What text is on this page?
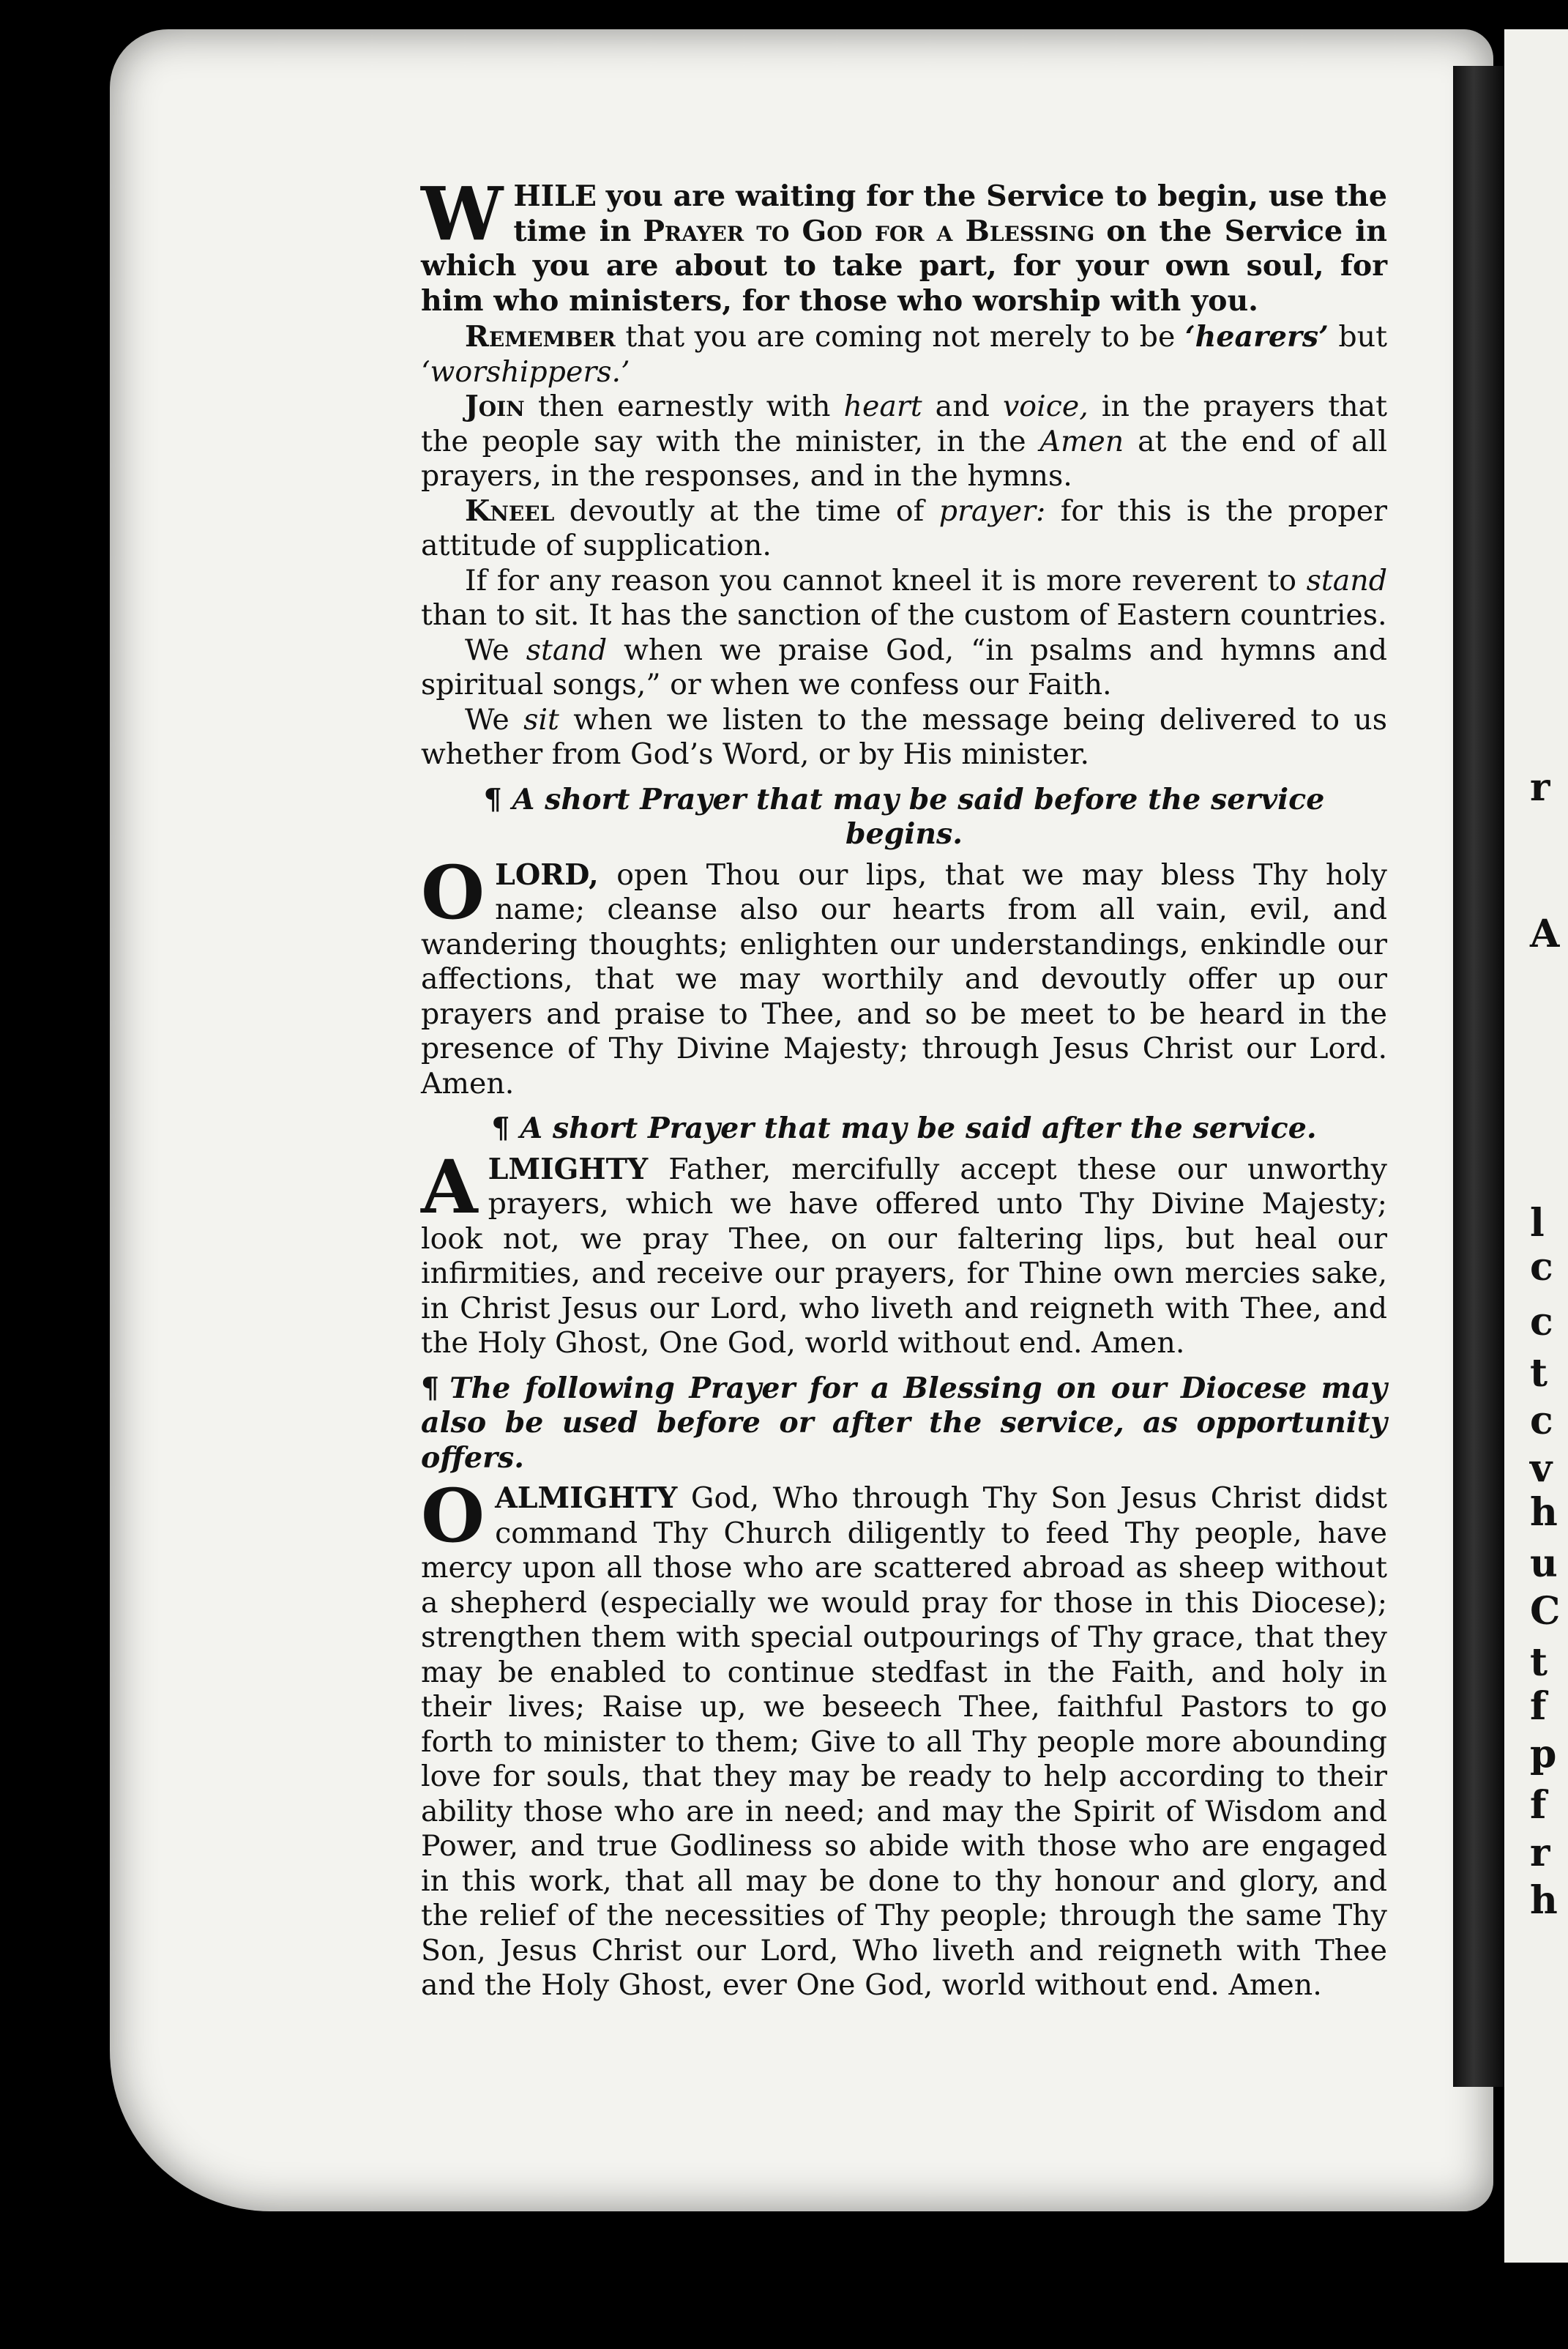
r
A
l
c
c
t
c
v
h
u
C
t
f
p
f
r
h

WHILE you are waiting for the Service to begin, use the time in Prayer to God for a Blessing on the Service in which you are about to take part, for your own soul, for him who ministers, for those who worship with you.

Remember that you are coming not merely to be ‘hearers’ but ‘worshippers.’

Join then earnestly with heart and voice, in the prayers that the people say with the minister, in the Amen at the end of all prayers, in the responses, and in the hymns.

Kneel devoutly at the time of prayer: for this is the proper attitude of supplication.

If for any reason you cannot kneel it is more reverent to stand than to sit. It has the sanction of the custom of Eastern countries.

We stand when we praise God, “in psalms and hymns and spiritual songs,” or when we confess our Faith.

We sit when we listen to the message being delivered to us whether from God’s Word, or by His minister.

¶ A short Prayer that may be said before the service begins.

OLORD, open Thou our lips, that we may bless Thy holy name; cleanse also our hearts from all vain, evil, and wandering thoughts; enlighten our understandings, enkindle our affections, that we may worthily and devoutly offer up our prayers and praise to Thee, and so be meet to be heard in the presence of Thy Divine Majesty; through Jesus Christ our Lord. Amen.

¶ A short Prayer that may be said after the service.

ALMIGHTY Father, mercifully accept these our unworthy prayers, which we have offered unto Thy Divine Majesty; look not, we pray Thee, on our faltering lips, but heal our infirmities, and receive our prayers, for Thine own mercies sake, in Christ Jesus our Lord, who liveth and reigneth with Thee, and the Holy Ghost, One God, world without end. Amen.

¶ The following Prayer for a Blessing on our Diocese may also be used before or after the service, as opportunity offers.

OALMIGHTY God, Who through Thy Son Jesus Christ didst command Thy Church diligently to feed Thy people, have mercy upon all those who are scattered abroad as sheep without a shepherd (especially we would pray for those in this Diocese); strengthen them with special outpourings of Thy grace, that they may be enabled to continue stedfast in the Faith, and holy in their lives; Raise up, we beseech Thee, faithful Pastors to go forth to minister to them; Give to all Thy people more abounding love for souls, that they may be ready to help according to their ability those who are in need; and may the Spirit of Wisdom and Power, and true Godliness so abide with those who are engaged in this work, that all may be done to thy honour and glory, and the relief of the necessities of Thy people; through the same Thy Son, Jesus Christ our Lord, Who liveth and reigneth with Thee and the Holy Ghost, ever One God, world without end. Amen.
